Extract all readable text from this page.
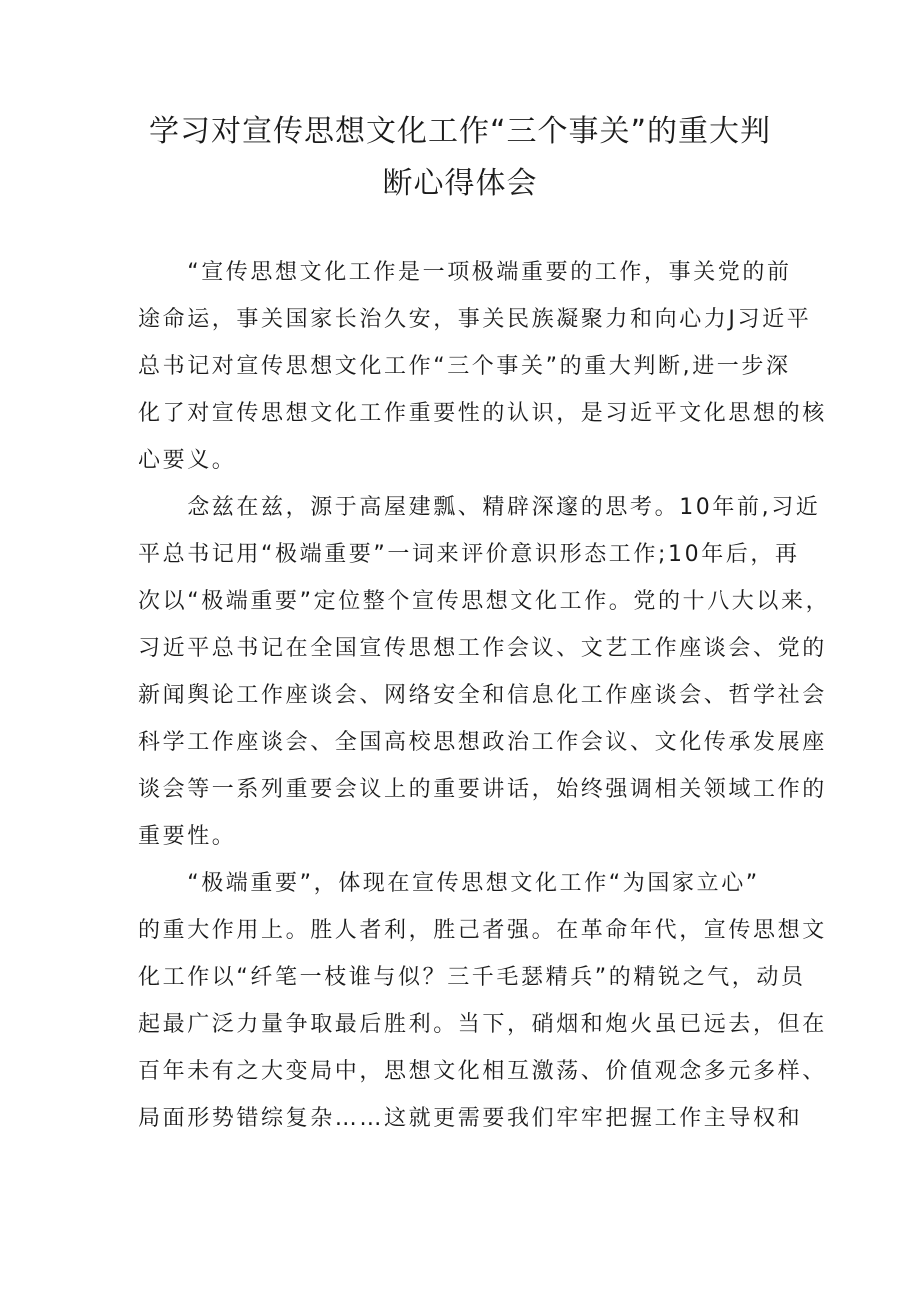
学习对宣传思想文化工作“三个事关”的重大判
断心得体会
　　“宣传思想文化工作是一项极端重要的工作，事关党的前
途命运，事关国家长治久安，事关民族凝聚力和向心力J习近平
总书记对宣传思想文化工作“三个事关”的重大判断,进一步深
化了对宣传思想文化工作重要性的认识，是习近平文化思想的核
心要义。
　　念兹在兹，源于高屋建瓢、精辟深邃的思考。10年前,习近
平总书记用“极端重要”一词来评价意识形态工作;10年后，再
次以“极端重要”定位整个宣传思想文化工作。党的十八大以来，
习近平总书记在全国宣传思想工作会议、文艺工作座谈会、党的
新闻舆论工作座谈会、网络安全和信息化工作座谈会、哲学社会
科学工作座谈会、全国高校思想政治工作会议、文化传承发展座
谈会等一系列重要会议上的重要讲话，始终强调相关领域工作的
重要性。
　　“极端重要”，体现在宣传思想文化工作“为国家立心”
的重大作用上。胜人者利，胜己者强。在革命年代，宣传思想文
化工作以“纤笔一枝谁与似？三千毛瑟精兵”的精锐之气，动员
起最广泛力量争取最后胜利。当下，硝烟和炮火虽已远去，但在
百年未有之大变局中，思想文化相互激荡、价值观念多元多样、
局面形势错综复杂……这就更需要我们牢牢把握工作主导权和
